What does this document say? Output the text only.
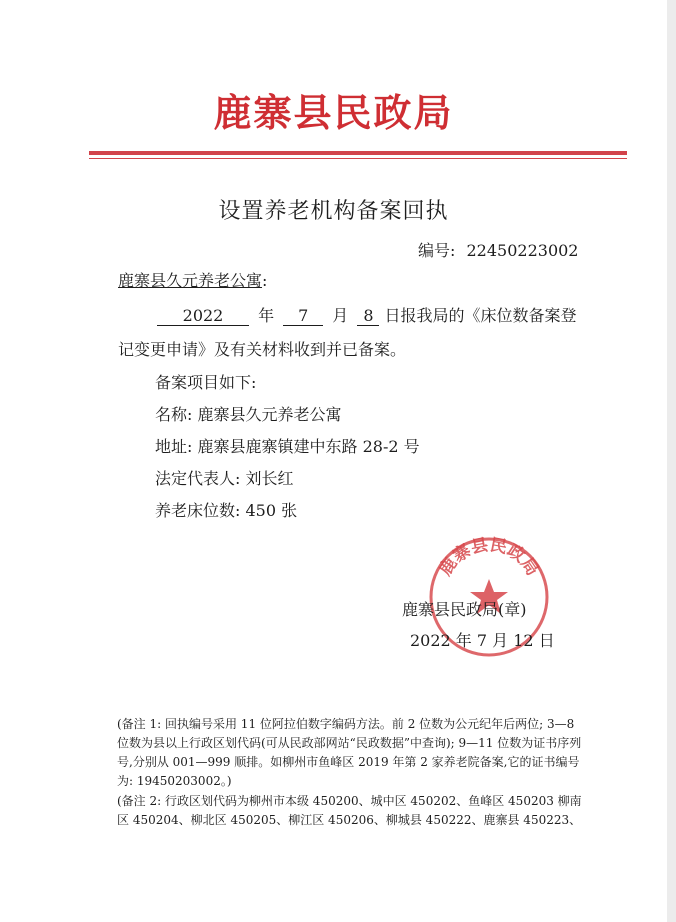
鹿寨县民政局
设置养老机构备案回执
编号: 22450223002
鹿寨县久元养老公寓:
2022 年 7 月 8 日报我局的《床位数备案登
记变更申请》及有关材料收到并已备案。
备案项目如下:
名称: 鹿寨县久元养老公寓
地址: 鹿寨县鹿寨镇建中东路 28-2 号
法定代表人: 刘长红
养老床位数: 450 张
鹿寨县民政局
鹿寨县民政局(章)
2022 年 7 月 12 日

(备注 1: 回执编号采用 11 位阿拉伯数字编码方法。前 2 位数为公元纪年后两位; 3—8 位数为县以上行政区划代码(可从民政部网站“民政数据”中查询); 9—11 位数为证书序列号,分别从 001—999 顺排。如柳州市鱼峰区 2019 年第 2 家养老院备案,它的证书编号为: 19450203002。)

(备注 2: 行政区划代码为柳州市本级 450200、城中区 450202、鱼峰区 450203 柳南区 450204、柳北区 450205、柳江区 450206、柳城县 450222、鹿寨县 450223、
